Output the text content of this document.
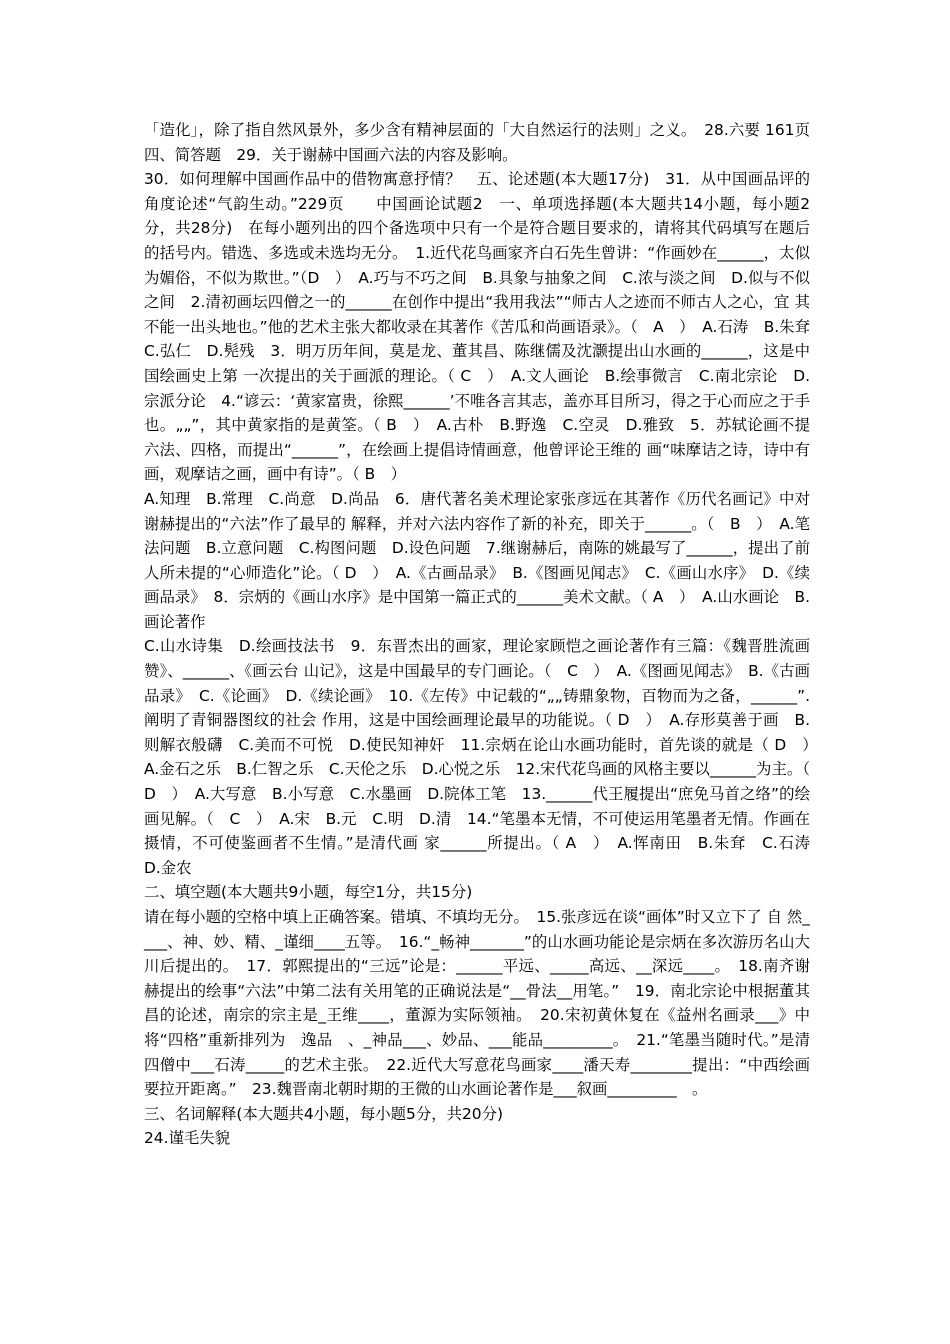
「造化」，除了指自然风景外，多少含有精神层面的「大自然运行的法则」之义。　28.六要 161页　四、简答题　29．关于谢赫中国画六法的内容及影响。

30．如何理解中国画作品中的借物寓意抒情？　五、论述题(本大题17分)　31．从中国画品评的角度论述“气韵生动。”229页　　中国画论试题2　一、单项选择题(本大题共14小题，每小题2分，共28分)　在每小题列出的四个备选项中只有一个是符合题目要求的，请将其代码填写在题后的括号内。错选、多选或未选均无分。　1.近代花鸟画家齐白石先生曾讲：“作画妙在______，太似为媚俗，不似为欺世。”（D　）　A.巧与不巧之间　B.具象与抽象之间　C.浓与淡之间　D.似与不似之间　2.清初画坛四僧之一的______在创作中提出“我用我法”“师古人之迹而不师古人之心，宜 其不能一出头地也。”他的艺术主张大都收录在其著作《苦瓜和尚画语录》。（　A　）　A.石涛　B.朱耷　C.弘仁　D.髡残　3．明万历年间，莫是龙、董其昌、陈继儒及沈灏提出山水画的______，这是中国绘画史上第 一次提出的关于画派的理论。（ C　）　A.文人画论　B.绘事微言　C.南北宗论　D.宗派分论　4.“谚云：‘黄家富贵，徐熙______’不唯各言其志，盖亦耳目所习，得之于心而应之于手 也。„„”，其中黄家指的是黄筌。（ B　）　A.古朴　B.野逸　C.空灵　D.雅致　5．苏轼论画不提六法、四格，而提出“______”，在绘画上提倡诗情画意，他曾评论王维的 画“味摩诘之诗，诗中有画，观摩诘之画，画中有诗”。（ B　）

A.知理　B.常理　C.尚意　D.尚品　6．唐代著名美术理论家张彦远在其著作《历代名画记》中对谢赫提出的“六法”作了最早的 解释，并对六法内容作了新的补充，即关于______。（　B　）　A.笔法问题　B.立意问题　C.构图问题　D.设色问题　7.继谢赫后，南陈的姚最写了______，提出了前人所未提的“心师造化”论。（ D　）　A.《古画品录》　B.《图画见闻志》　C.《画山水序》　D.《续画品录》　8．宗炳的《画山水序》是中国第一篇正式的______美术文献。（ A　）　A.山水画论　B.画论著作

C.山水诗集　D.绘画技法书　9．东晋杰出的画家，理论家顾恺之画论著作有三篇：《魏晋胜流画赞》、______、《画云台 山记》，这是中国最早的专门画论。（　C　）　A.《图画见闻志》　B.《古画品录》　C.《论画》　D.《续论画》　10.《左传》中记载的“„„铸鼎象物，百物而为之备，______”.阐明了青铜器图纹的社会 作用，这是中国绘画理论最早的功能说。（ D　）　A.存形莫善于画　B.则解衣般礴　C.美而不可悦　D.使民知神奸　11.宗炳在论山水画功能时，首先谈的就是（ D　）　A.金石之乐　B.仁智之乐　C.天伦之乐　D.心悦之乐　12.宋代花鸟画的风格主要以______为主。（ D　）　A.大写意　B.小写意　C.水墨画　D.院体工笔　13.______代王履提出“庶免马首之络”的绘画见解。（　C　）　A.宋　B.元　C.明　D.清　14.“笔墨本无情，不可使运用笔墨者无情。作画在摄情，不可使鉴画者不生情。”是清代画 家______所提出。（ A　）　A.恽南田　B.朱耷　C.石涛　D.金农

二、填空题(本大题共9小题，每空1分，共15分)

请在每小题的空格中填上正确答案。错填、不填均无分。　15.张彦远在谈“画体”时又立下了 自 然____、神、妙、精、_谨细____五等。　16.“_畅神_______”的山水画功能论是宗炳在多次游历名山大川后提出的。　17．郭熙提出的“三远”论是：______平远、_____高远、__深远____。　18.南齐谢赫提出的绘事“六法”中第二法有关用笔的正确说法是“__骨法__用笔。”　19．南北宗论中根据董其昌的论述，南宗的宗主是_王维____，董源为实际领袖。　20.宋初黄休复在《益州名画录___》中将“四格”重新排列为　逸品　、_神品___、妙品、___能品_________。　21.“笔墨当随时代。”是清四僧中___石涛_____的艺术主张。　22.近代大写意花鸟画家____潘天寿________提出：“中西绘画要拉开距离。”　23.魏晋南北朝时期的王微的山水画论著作是___叙画_________　。

三、名词解释(本大题共4小题，每小题5分，共20分)

24.谨毛失貌
